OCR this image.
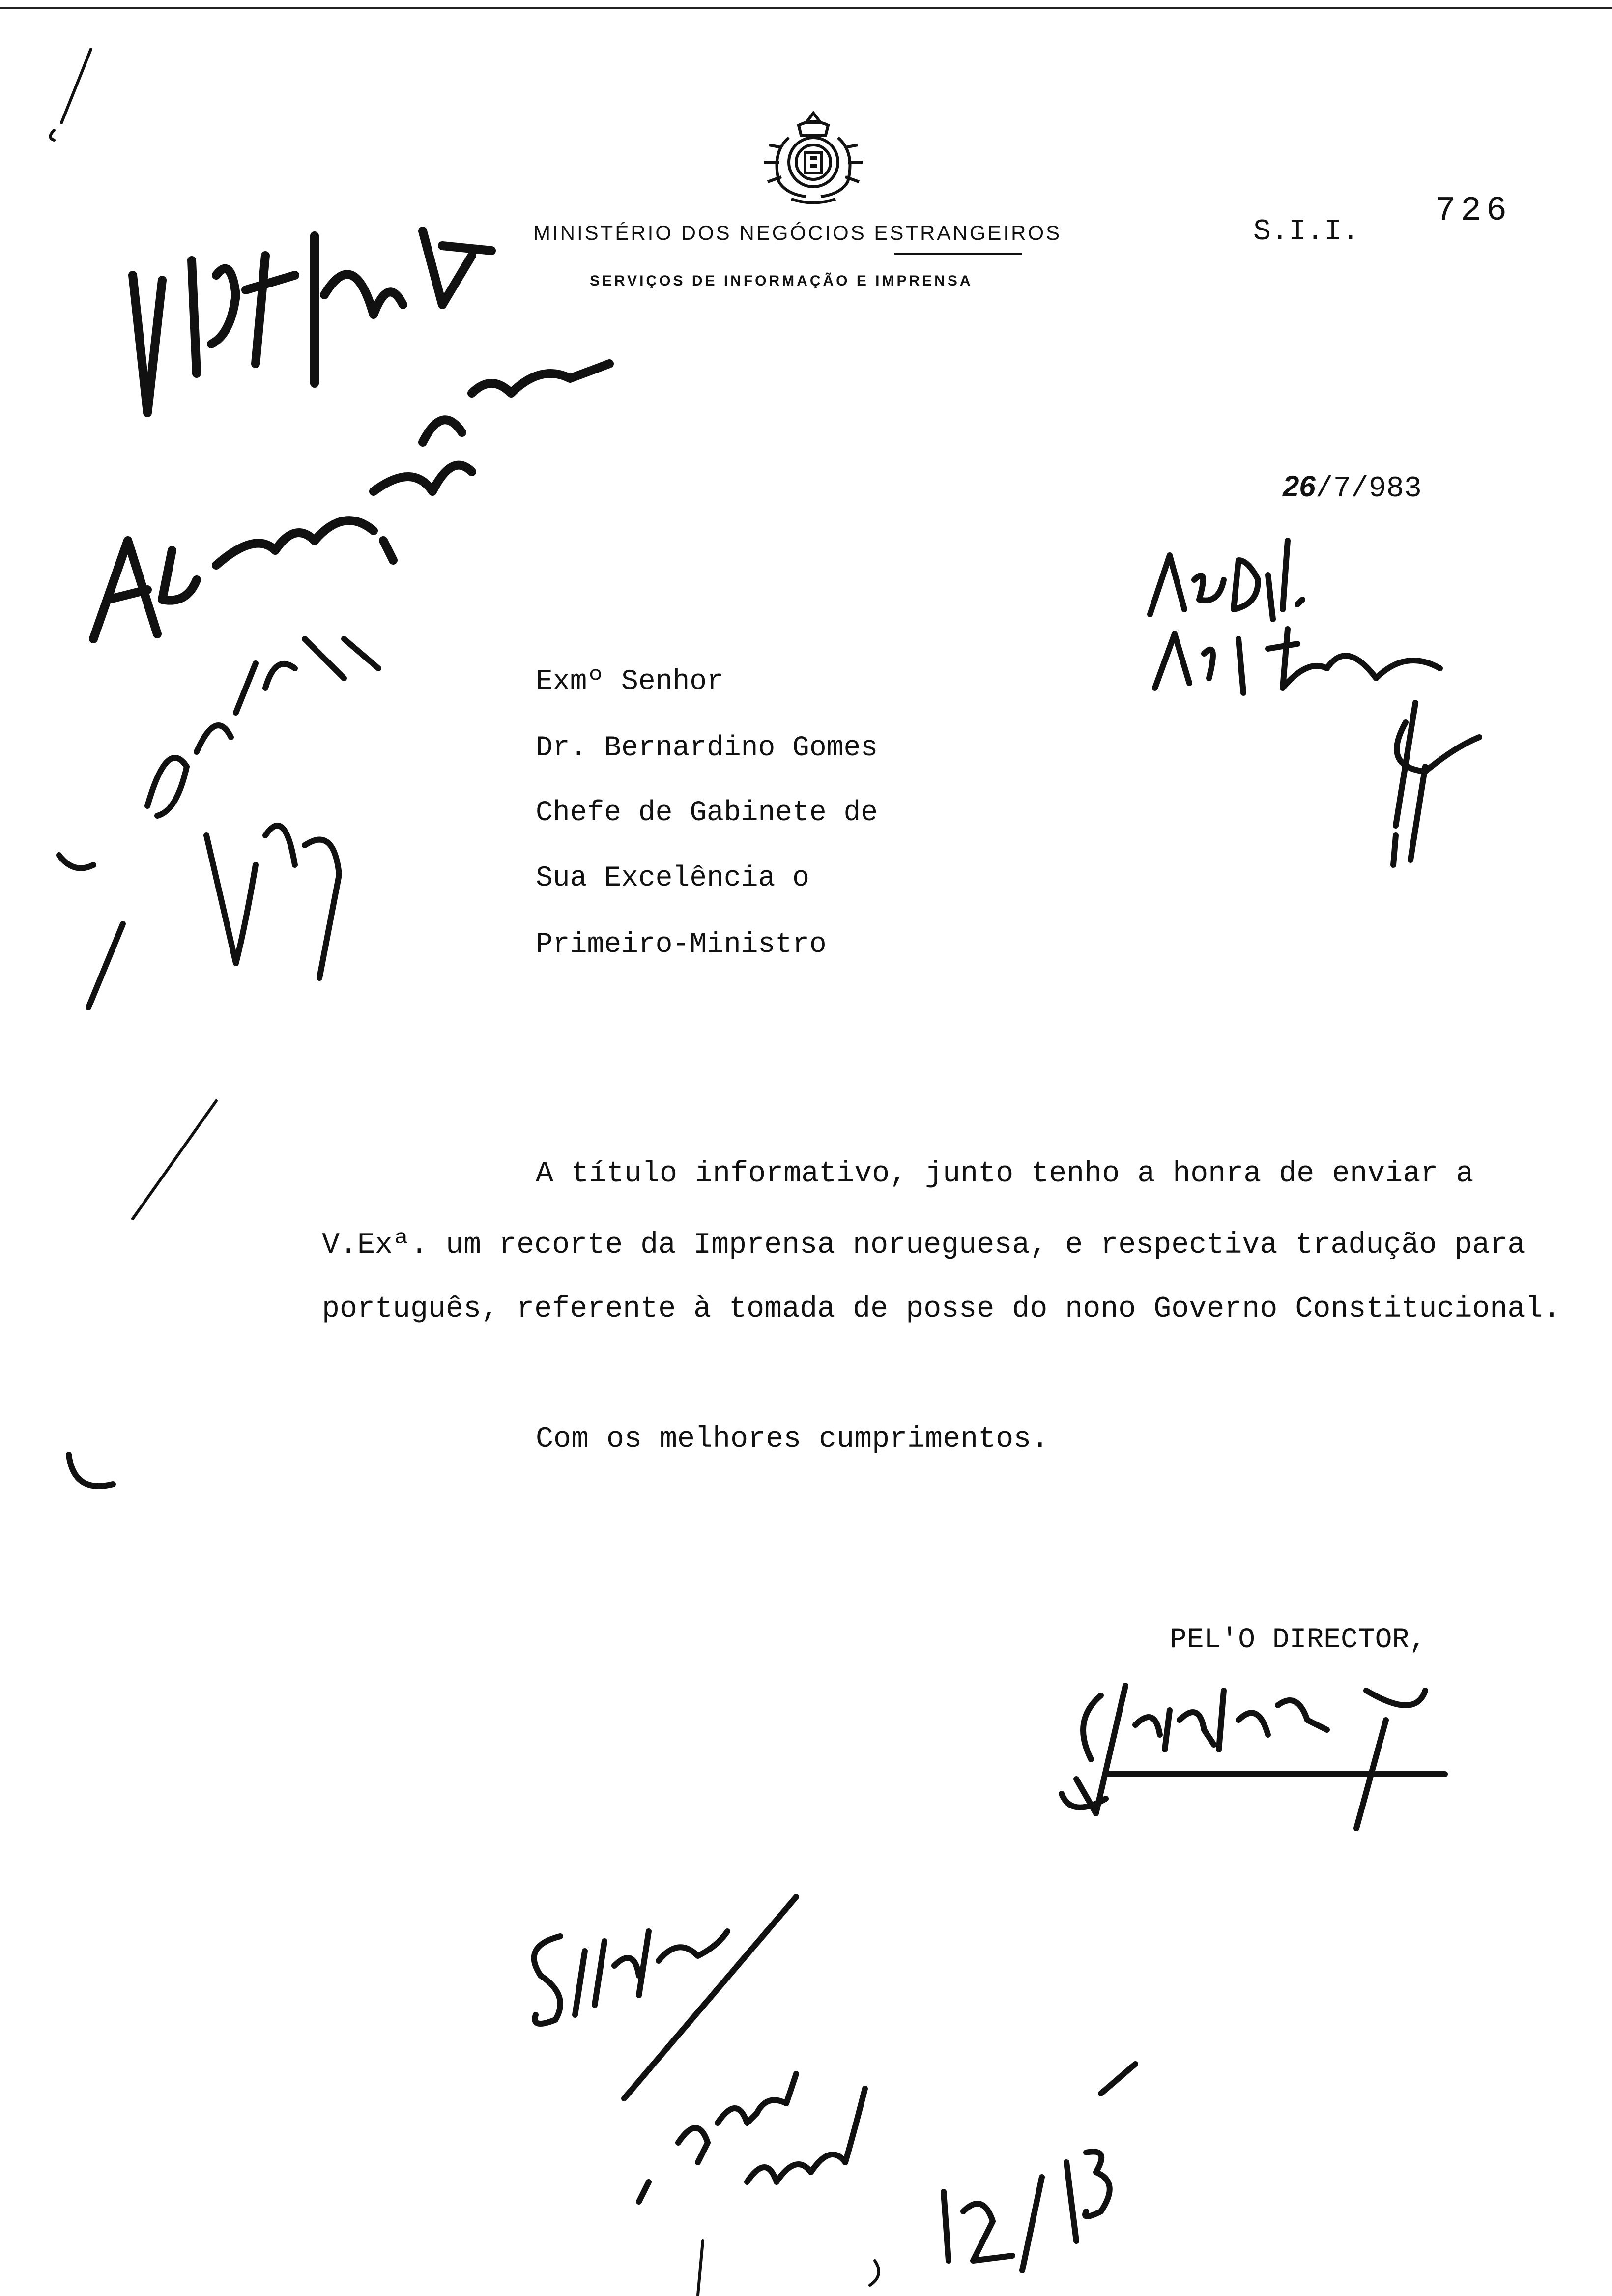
MINISTÉRIO DOS NEGÓCIOS ESTRANGEIROS
SERVIÇOS DE INFORMAÇÃO E IMPRENSA
S.I.I.
726
26/7/983
Exmº Senhor
Dr. Bernardino Gomes
Chefe de Gabinete de
Sua Excelência o
Primeiro-Ministro
A título informativo, junto tenho a honra de enviar a
V.Exª. um recorte da Imprensa norueguesa, e respectiva tradução para
português, referente à tomada de posse do nono Governo Constitucional.
Com os melhores cumprimentos.
PEL'O DIRECTOR,
